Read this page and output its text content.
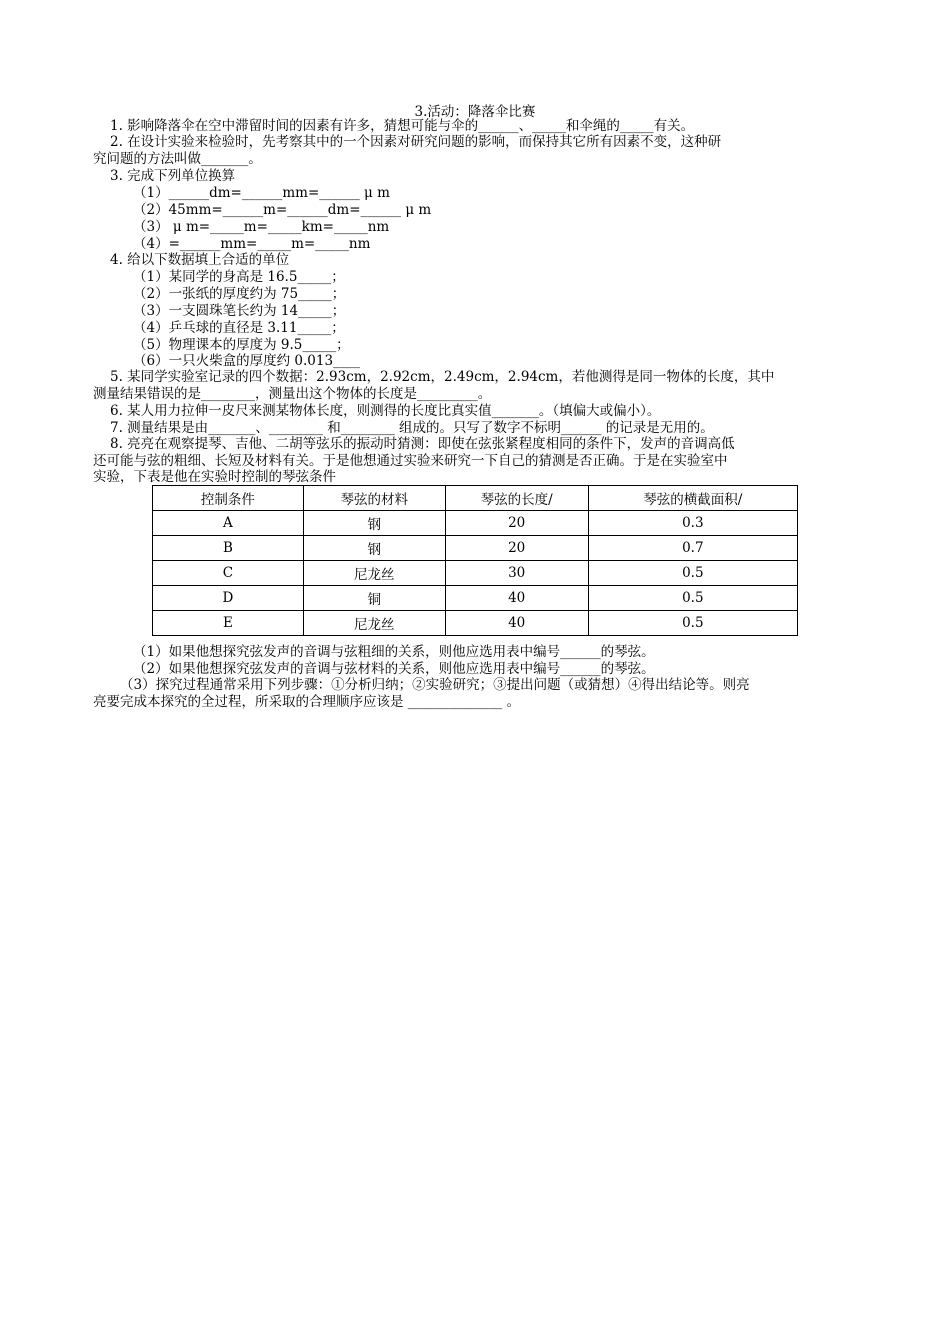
3.活动：降落伞比赛
1. 影响降落伞在空中滞留时间的因素有许多，猜想可能与伞的______、_____和伞绳的_____有关。
2. 在设计实验来检验时，先考察其中的一个因素对研究问题的影响，而保持其它所有因素不变，这种研
究问题的方法叫做_______。
3. 完成下列单位换算
（1）______dm=______mm=______ μ m
（2）45mm=______m=______dm=______ μ m
（3） μ m=_____m=_____km=_____nm
（4）=______mm=_____m=_____nm
4. 给以下数据填上合适的单位
（1）某同学的身高是 16.5_____；
（2）一张纸的厚度约为 75_____；
（3）一支圆珠笔长约为 14_____；
（4）乒乓球的直径是 3.11_____；
（5）物理课本的厚度为 9.5_____；
（6）一只火柴盒的厚度约 0.013____
5. 某同学实验室记录的四个数据：2.93cm，2.92cm，2.49cm，2.94cm，若他测得是同一物体的长度，其中
测量结果错误的是________，测量出这个物体的长度是_________。
6. 某人用力拉伸一皮尺来测某物体长度，则测得的长度比真实值_______。（填偏大或偏小）。
7. 测量结果是由_______、________ 和________ 组成的。只写了数字不标明______ 的记录是无用的。
8. 亮亮在观察提琴、吉他、二胡等弦乐的振动时猜测：即使在弦张紧程度相同的条件下，发声的音调高低
还可能与弦的粗细、长短及材料有关。于是他想通过实验来研究一下自己的猜测是否正确。于是在实验室中
实验，下表是他在实验时控制的琴弦条件
控制条件	琴弦的材料	琴弦的长度/	琴弦的横截面积/
A	钢	20	0.3
B	钢	20	0.7
C	尼龙丝	30	0.5
D	铜	40	0.5
E	尼龙丝	40	0.5
（1）如果他想探究弦发声的音调与弦粗细的关系，则他应选用表中编号______的琴弦。
（2）如果他想探究弦发声的音调与弦材料的关系，则他应选用表中编号______的琴弦。
（3）探究过程通常采用下列步骤：①分析归纳；②实验研究；③提出问题（或猜想）④得出结论等。则亮
亮要完成本探究的全过程，所采取的合理顺序应该是 ______________ 。
